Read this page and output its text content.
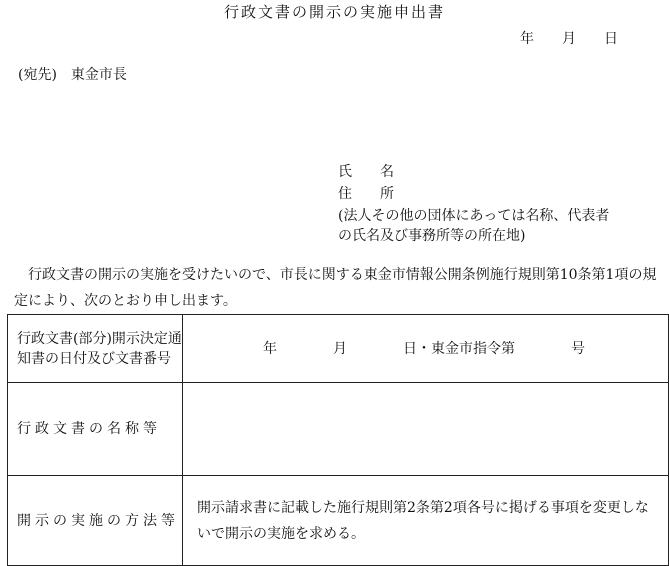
行政文書の開示の実施申出書
年 月 日
(宛先)　東金市長
氏　　名
住　　所
(法人その他の団体にあっては名称、代表者
の氏名及び事務所等の所在地)
行政文書の開示の実施を受けたいので、市長に関する東金市情報公開条例施行規則第10条第1項の規定により、次のとおり申し出ます。
行政文書(部分)開示決定通知書の日付及び文書番号	年 月 日・東金市指令第 号
行政文書の名称等	
開示の実施の方法等	開示請求書に記載した施行規則第2条第2項各号に掲げる事項を変更しないで開示の実施を求める。
